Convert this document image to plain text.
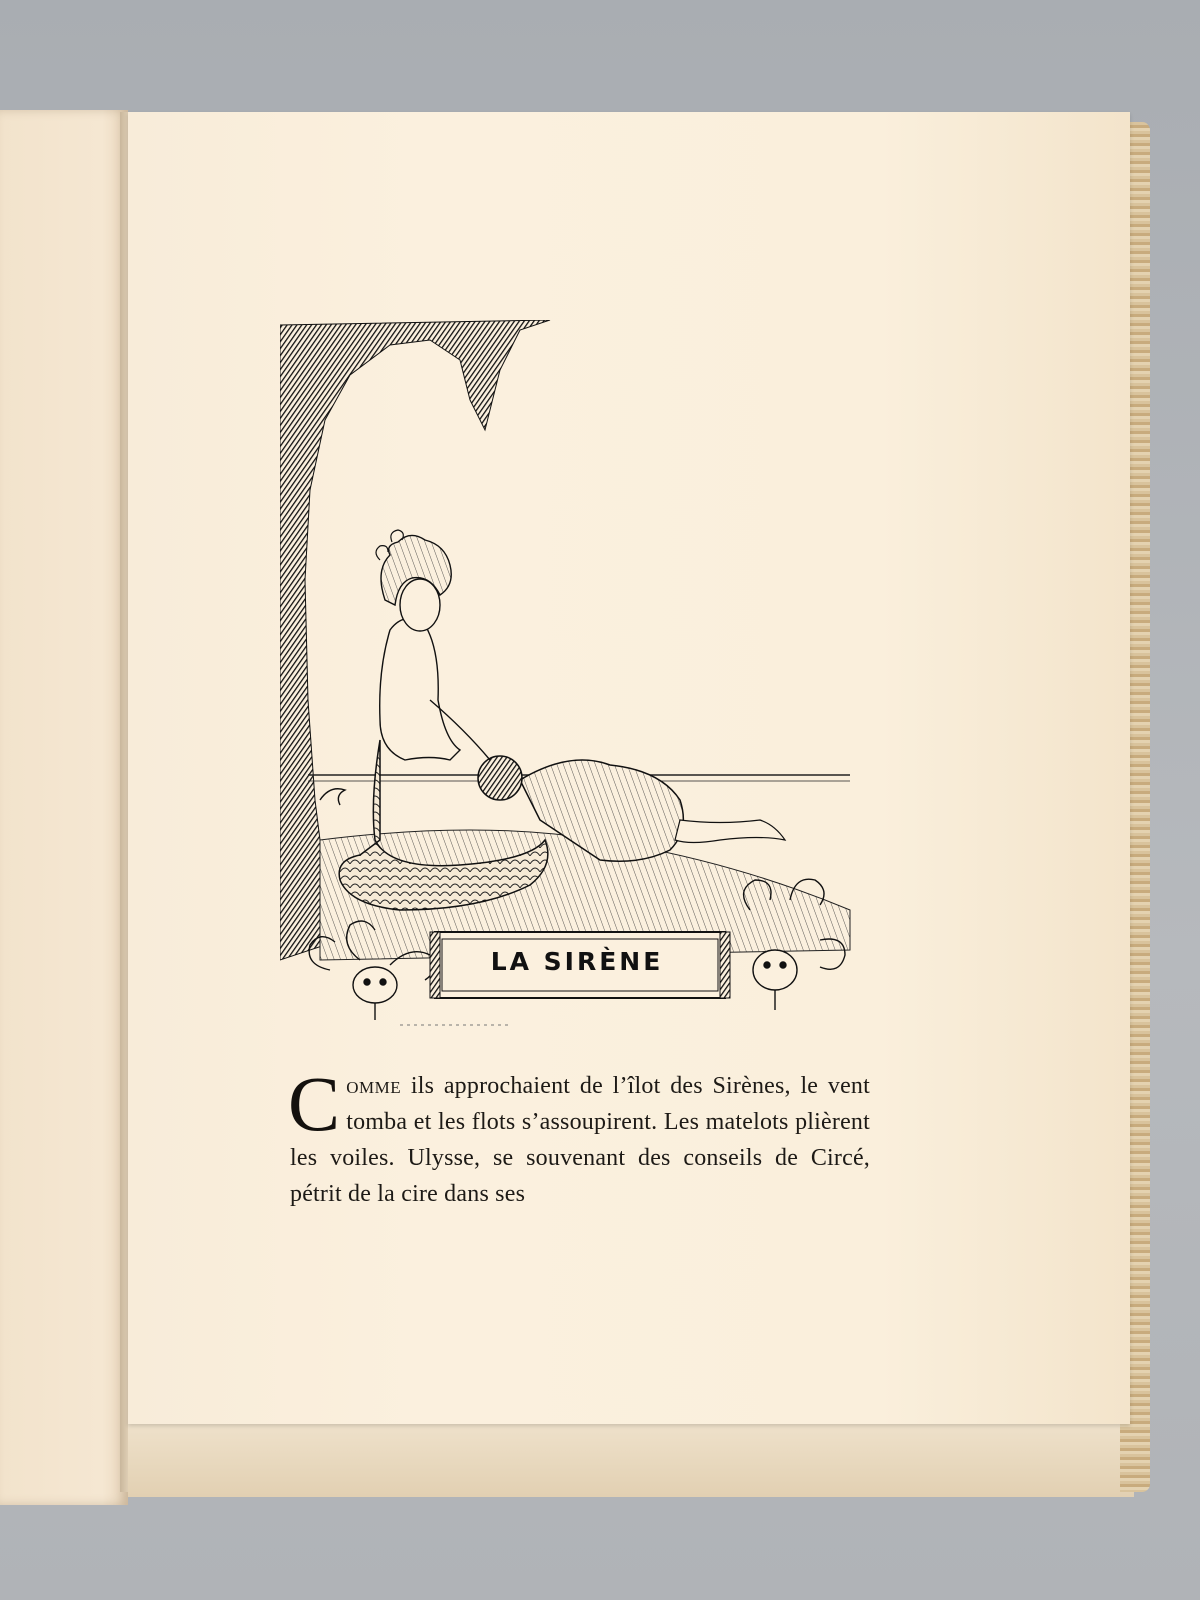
LA SIRÈNE

Comme ils approchaient de l’îlot des Sirènes, le vent tomba et les flots s’assoupirent. Les matelots plièrent les voiles. Ulysse, se souvenant des conseils de Circé, pétrit de la cire dans ses
